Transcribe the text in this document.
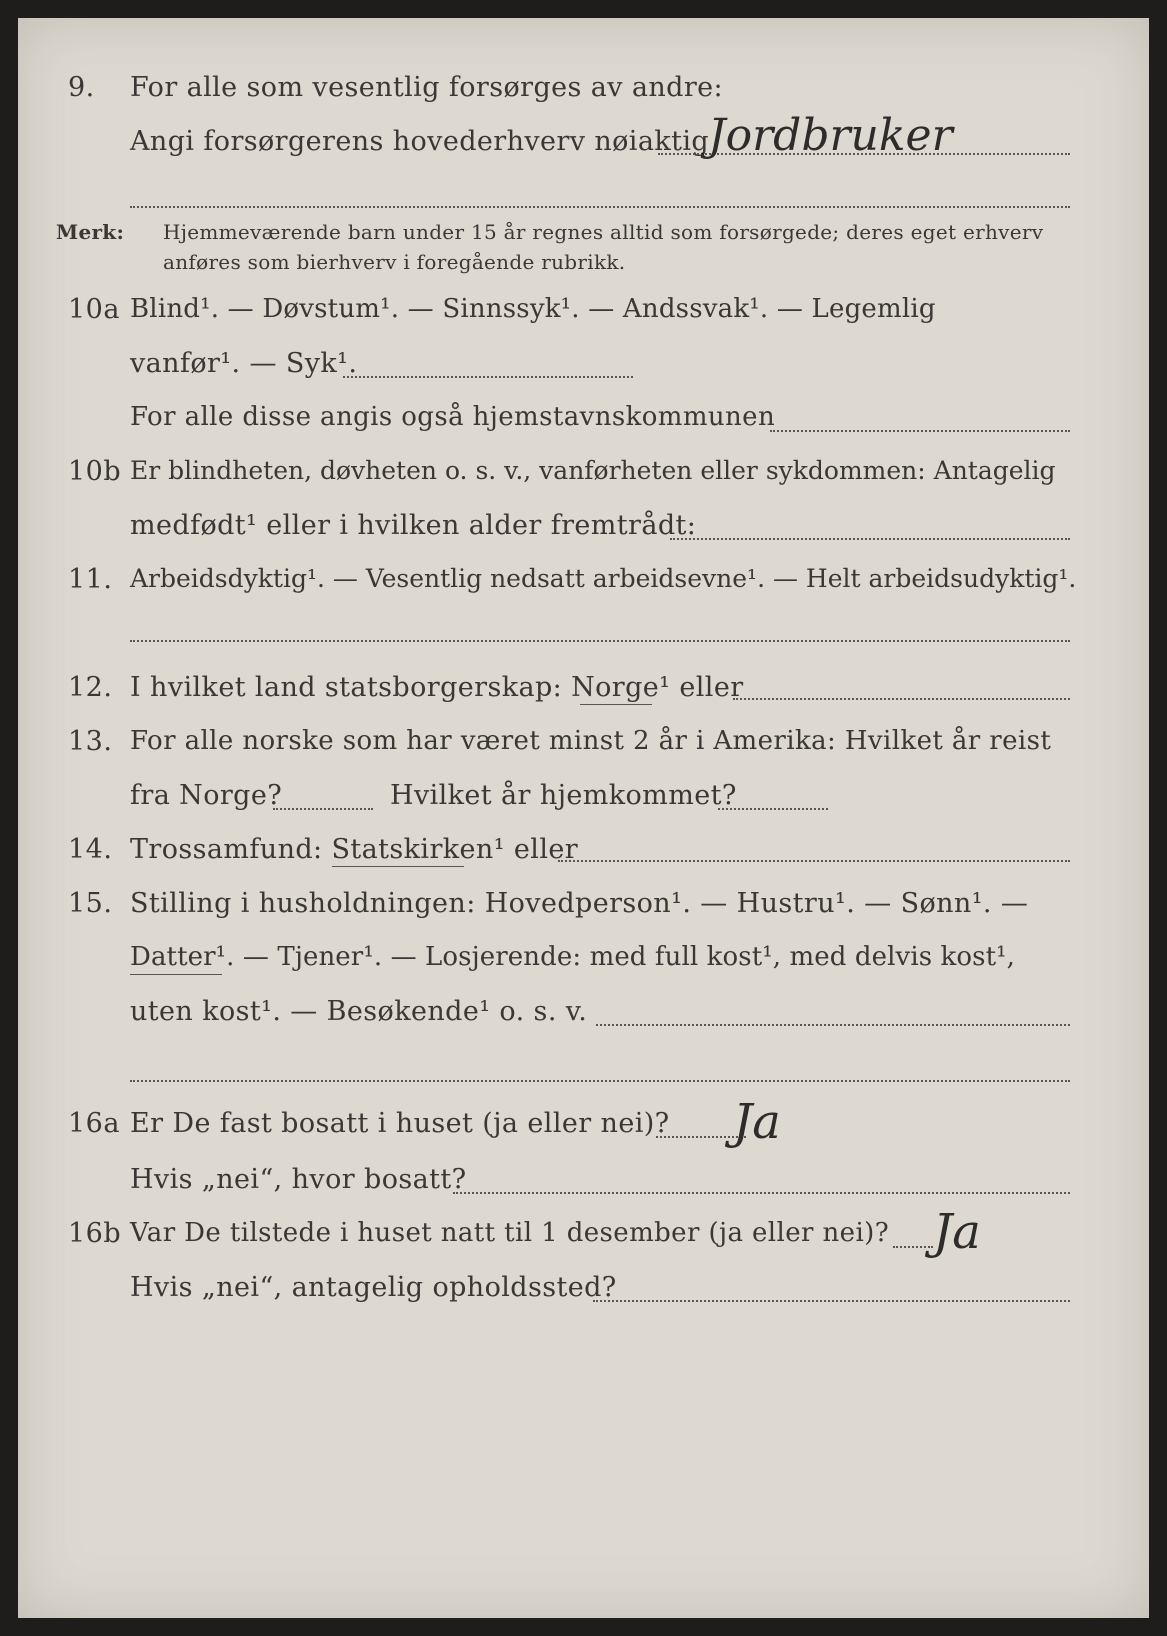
9. For alle som vesentlig forsørges av andre:
Angi forsørgerens hovederhverv nøiaktig
Jordbruker
Merk: Hjemmeværende barn under 15 år regnes alltid som forsørgede; deres eget erhverv
anføres som bierhverv i foregående rubrikk.
10a Blind¹. — Døvstum¹. — Sinnssyk¹. — Andssvak¹. — Legemlig
vanfør¹. — Syk¹.
For alle disse angis også hjemstavnskommunen
10b Er blindheten, døvheten o. s. v., vanførheten eller sykdommen: Antagelig
medfødt¹ eller i hvilken alder fremtrådt:
11. Arbeidsdyktig¹. — Vesentlig nedsatt arbeidsevne¹. — Helt arbeidsudyktig¹.
12. I hvilket land statsborgerskap: Norge¹ eller
13. For alle norske som har været minst 2 år i Amerika: Hvilket år reist
fra Norge?	Hvilket år hjemkommet?
14. Trossamfund: Statskirken¹ eller
15. Stilling i husholdningen: Hovedperson¹. — Hustru¹. — Sønn¹. —
Datter¹. — Tjener¹. — Losjerende: med full kost¹, med delvis kost¹,
uten kost¹. — Besøkende¹ o. s. v.
16a Er De fast bosatt i huset (ja eller nei)? Ja
Hvis „nei“, hvor bosatt?
16b Var De tilstede i huset natt til 1 desember (ja eller nei)? Ja
Hvis „nei“, antagelig opholdssted?
